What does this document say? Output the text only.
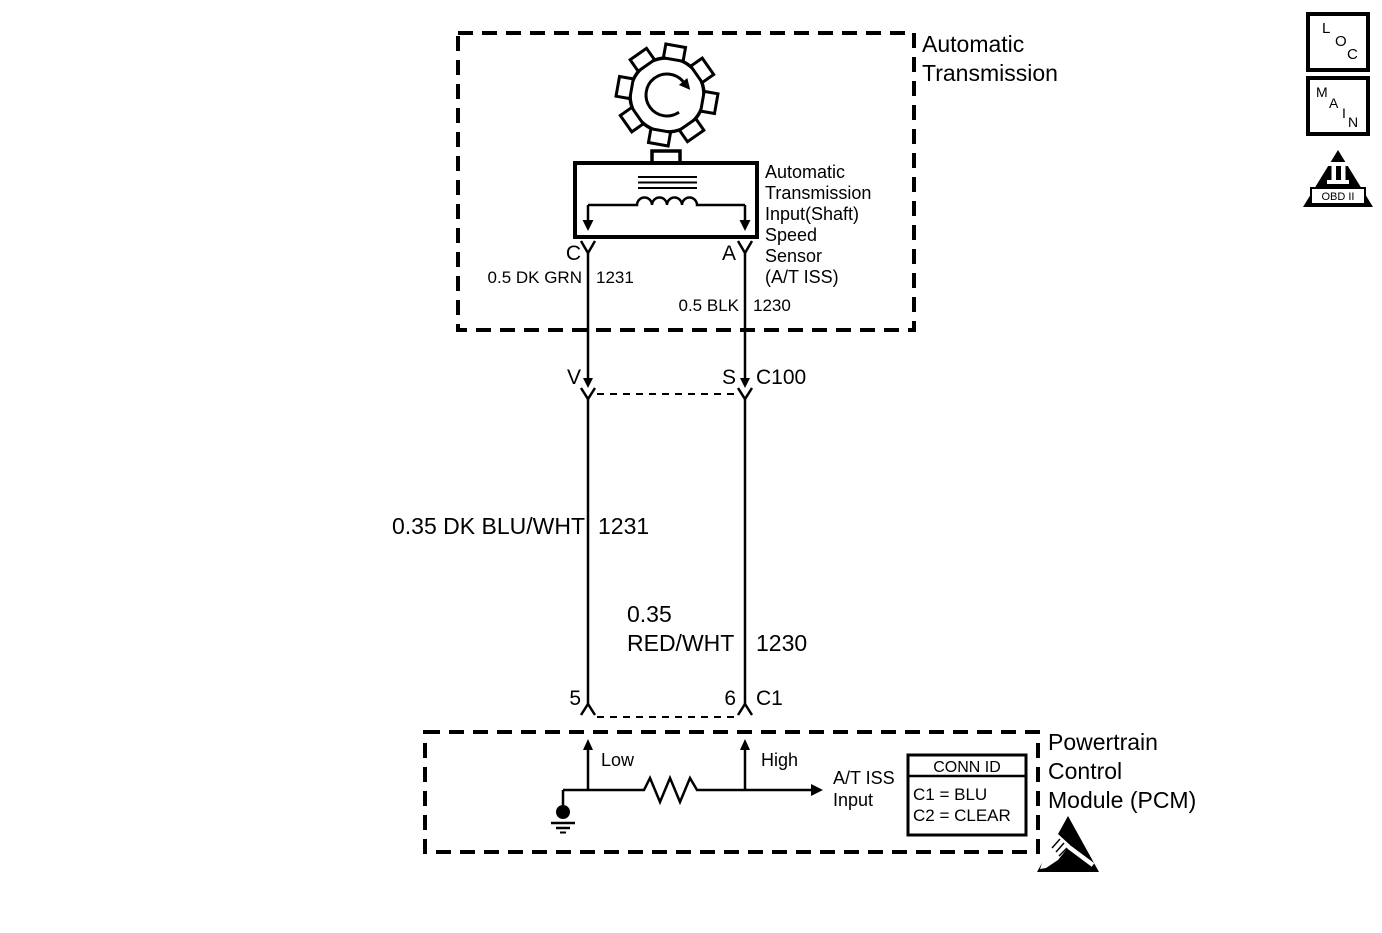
Automatic
Transmission
Automatic
Transmission
Input(Shaft)
Speed
Sensor
(A/T ISS)
C	A
0.5 DK GRN 1231
0.5 BLK 1230
V	S C100
0.35 DK BLU/WHT 1231
0.35
RED/WHT 1230
5	6 C1
Low	High
A/T ISS
Input
CONN ID
C1 = BLU
C2 = CLEAR
Powertrain
Control
Module (PCM)
L
O
C
M
A
I
N
OBD II
